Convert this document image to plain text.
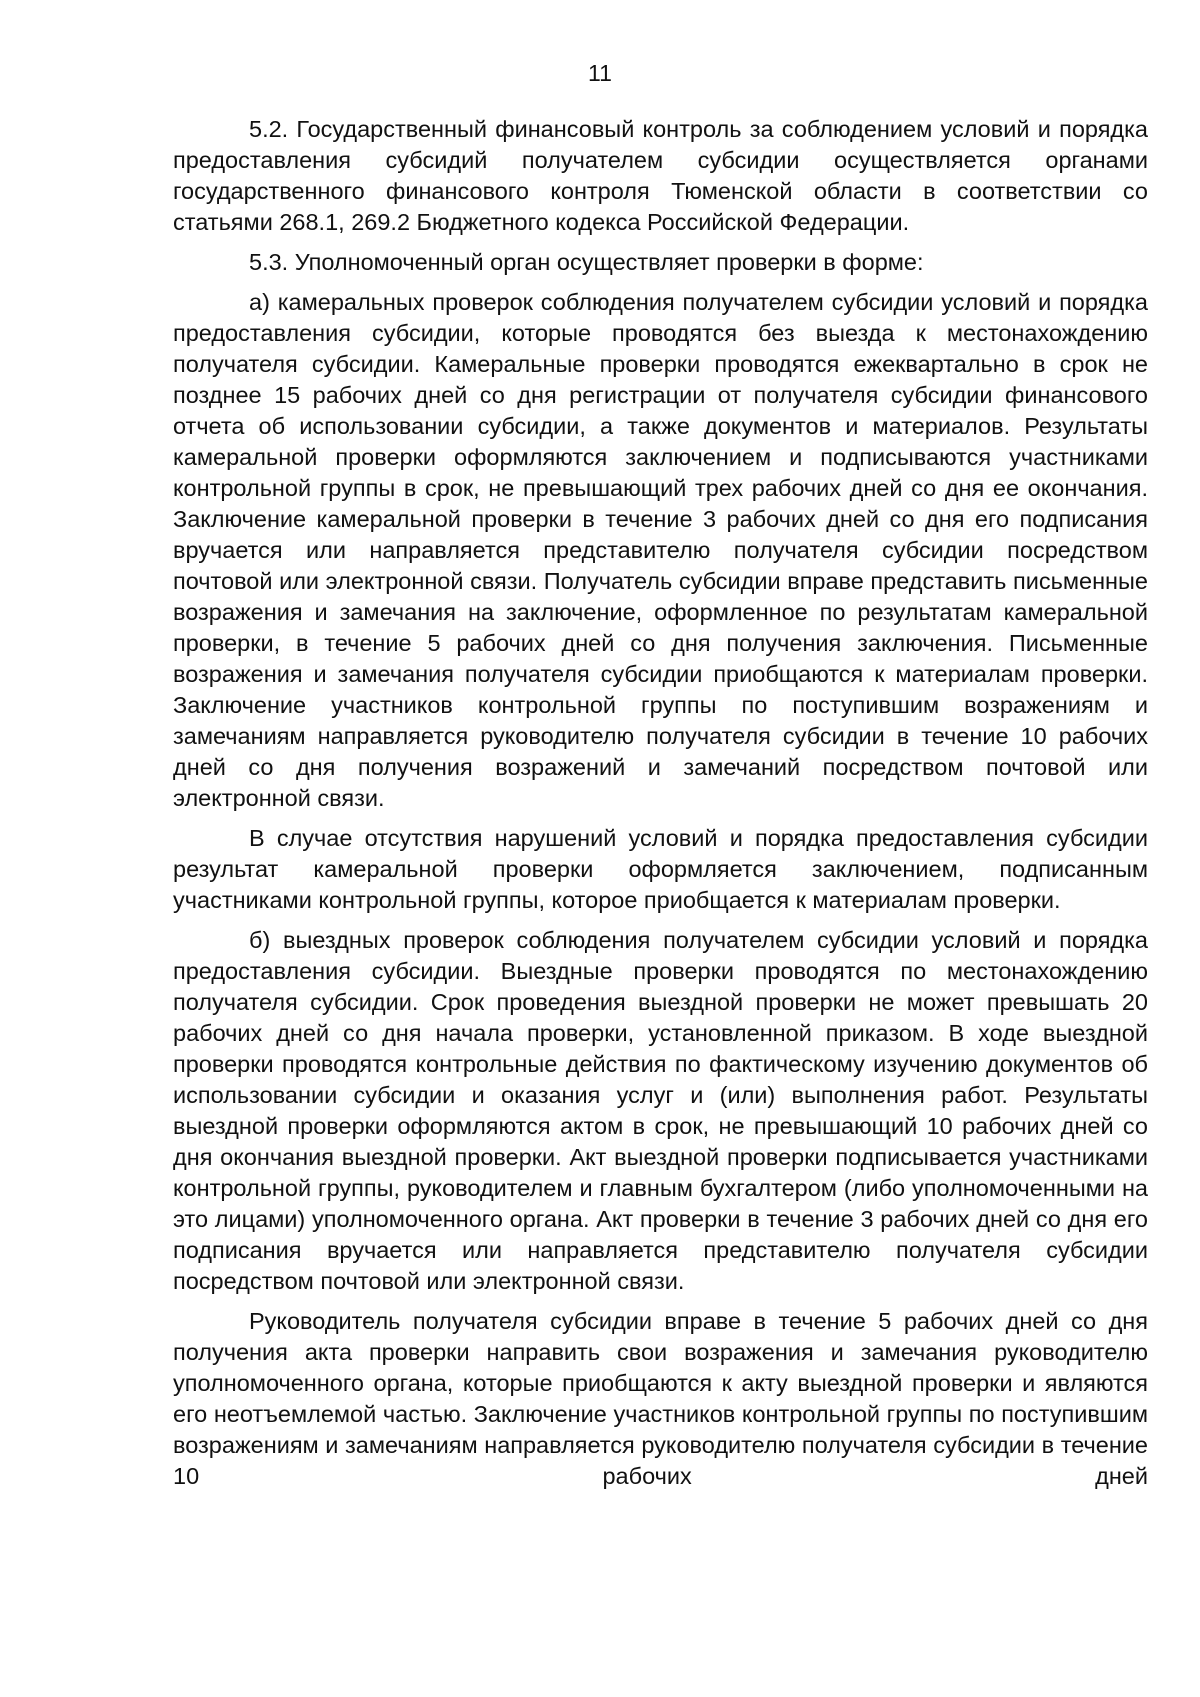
11

5.2. Государственный финансовый контроль за соблюдением условий и порядка предоставления субсидий получателем субсидии осуществляется органами государственного финансового контроля Тюменской области в соответствии со статьями 268.1, 269.2 Бюджетного кодекса Российской Федерации.

5.3. Уполномоченный орган осуществляет проверки в форме:

а) камеральных проверок соблюдения получателем субсидии условий и порядка предоставления субсидии, которые проводятся без выезда к местонахождению получателя субсидии. Камеральные проверки проводятся ежеквартально в срок не позднее 15 рабочих дней со дня регистрации от получателя субсидии финансового отчета об использовании субсидии, а также документов и материалов. Результаты камеральной проверки оформляются заключением и подписываются участниками контрольной группы в срок, не превышающий трех рабочих дней со дня ее окончания. Заключение камеральной проверки в течение 3 рабочих дней со дня его подписания вручается или направляется представителю получателя субсидии посредством почтовой или электронной связи. Получатель субсидии вправе представить письменные возражения и замечания на заключение, оформленное по результатам камеральной проверки, в течение 5 рабочих дней со дня получения заключения. Письменные возражения и замечания получателя субсидии приобщаются к материалам проверки. Заключение участников контрольной группы по поступившим возражениям и замечаниям направляется руководителю получателя субсидии в течение 10 рабочих дней со дня получения возражений и замечаний посредством почтовой или электронной связи.

В случае отсутствия нарушений условий и порядка предоставления субсидии результат камеральной проверки оформляется заключением, подписанным участниками контрольной группы, которое приобщается к материалам проверки.

б) выездных проверок соблюдения получателем субсидии условий и порядка предоставления субсидии. Выездные проверки проводятся по местонахождению получателя субсидии. Срок проведения выездной проверки не может превышать 20 рабочих дней со дня начала проверки, установленной приказом. В ходе выездной проверки проводятся контрольные действия по фактическому изучению документов об использовании субсидии и оказания услуг и (или) выполнения работ. Результаты выездной проверки оформляются актом в срок, не превышающий 10 рабочих дней со дня окончания выездной проверки. Акт выездной проверки подписывается участниками контрольной группы, руководителем и главным бухгалтером (либо уполномоченными на это лицами) уполномоченного органа. Акт проверки в течение 3 рабочих дней со дня его подписания вручается или направляется представителю получателя субсидии посредством почтовой или электронной связи.

Руководитель получателя субсидии вправе в течение 5 рабочих дней со дня получения акта проверки направить свои возражения и замечания руководителю уполномоченного органа, которые приобщаются к акту выездной проверки и являются его неотъемлемой частью. Заключение участников контрольной группы по поступившим возражениям и замечаниям направляется руководителю получателя субсидии в течение 10 рабочих дней
